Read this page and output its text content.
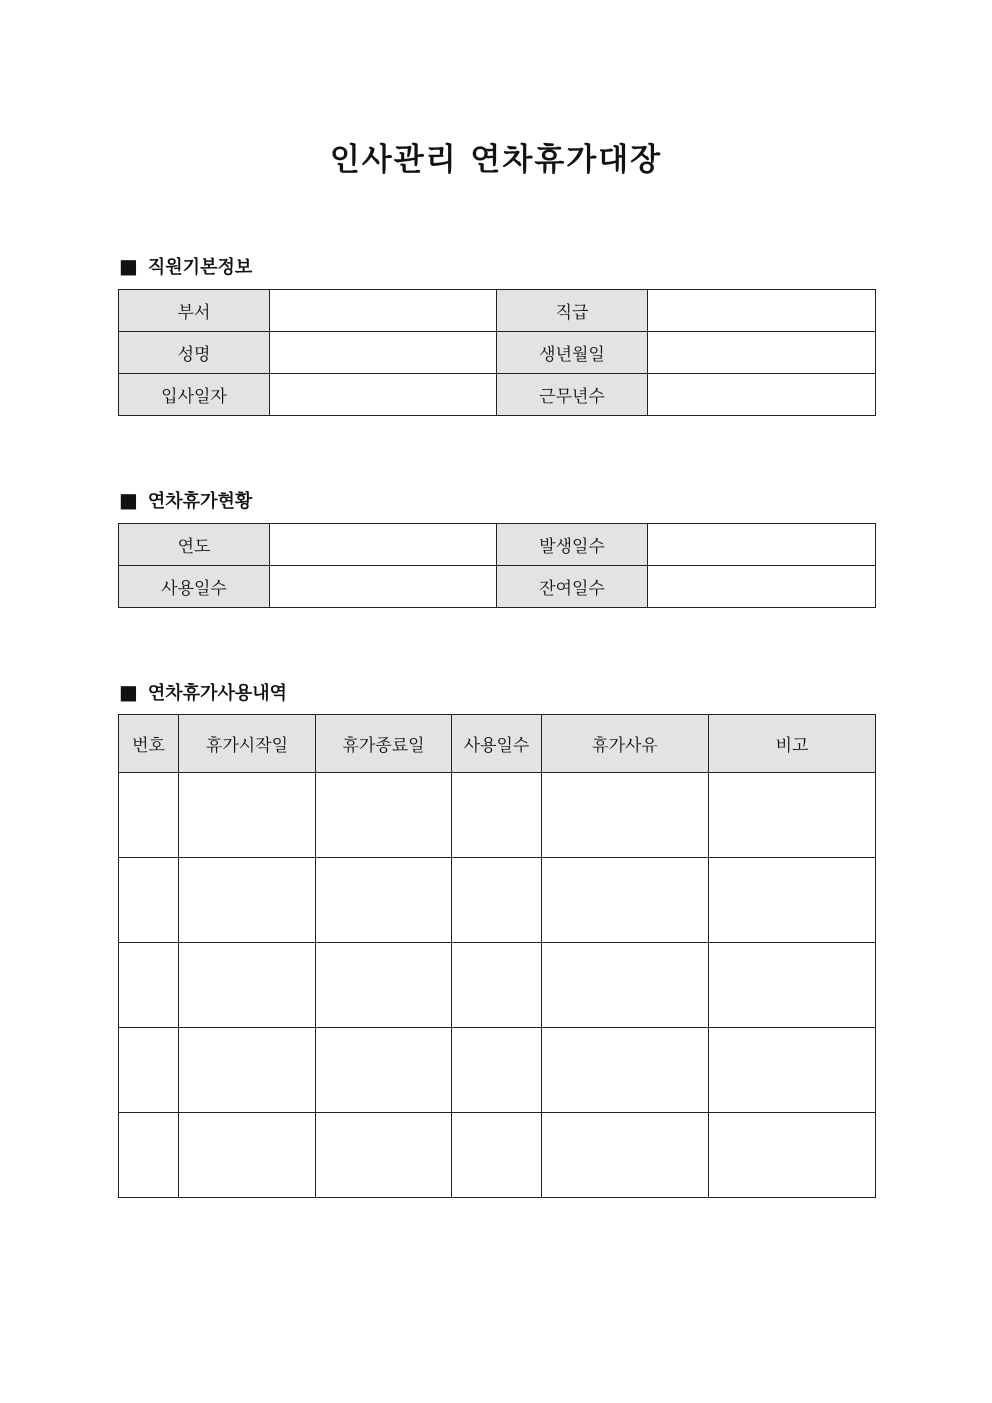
인사관리 연차휴가대장
■ 직원기본정보
부서		직급	
성명		생년월일	
입사일자		근무년수	
■ 연차휴가현황
연도		발생일수	
사용일수		잔여일수	
■ 연차휴가사용내역
번호	휴가시작일	휴가종료일	사용일수	휴가사유	비고
